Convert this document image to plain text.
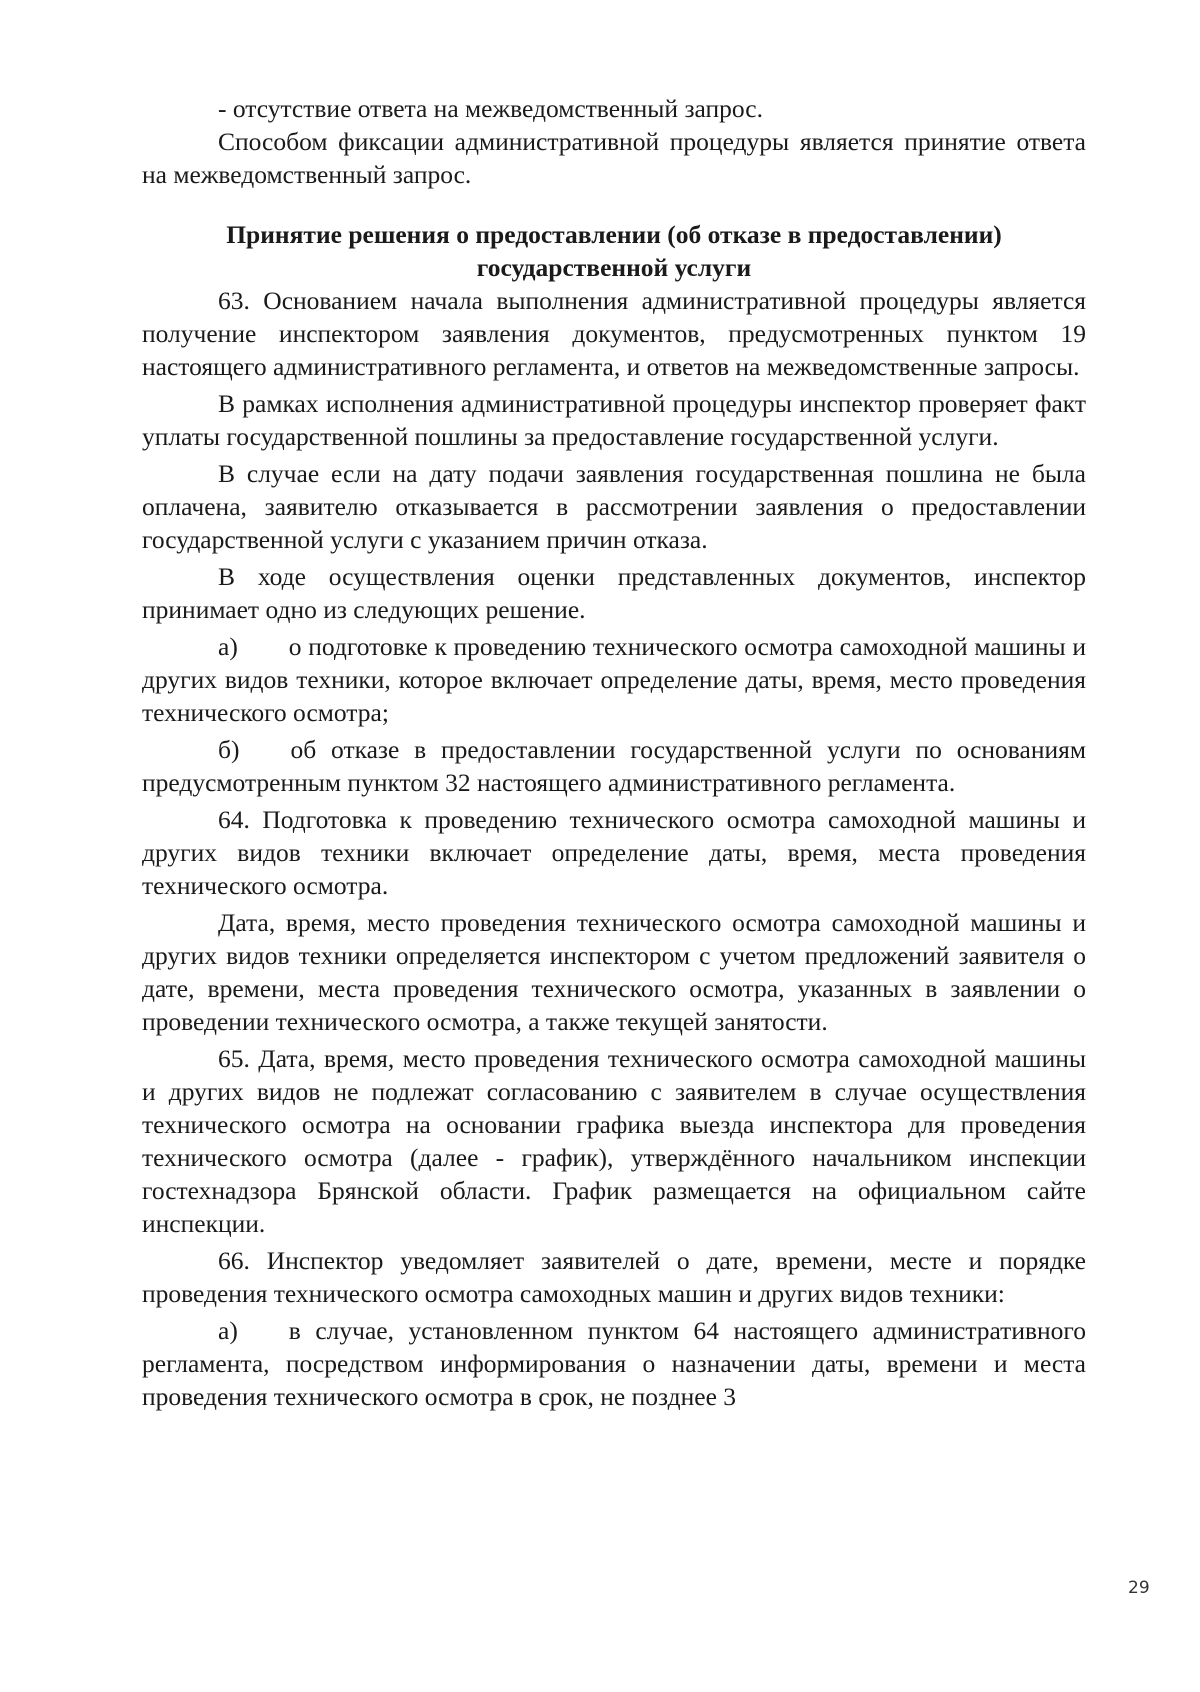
- отсутствие ответа на межведомственный запрос.

Способом фиксации административной процедуры является принятие ответа на межведомственный запрос.

Принятие решения о предоставлении (об отказе в предоставлении)
государственной услуги

63. Основанием начала выполнения административной процедуры является получение инспектором заявления документов, предусмотренных пунктом 19 настоящего административного регламента, и ответов на межведомственные запросы.

В рамках исполнения административной процедуры инспектор проверяет факт уплаты государственной пошлины за предоставление государственной услуги.

В случае если на дату подачи заявления государственная пошлина не была оплачена, заявителю отказывается в рассмотрении заявления о предоставлении государственной услуги с указанием причин отказа.

В ходе осуществления оценки представленных документов, инспектор принимает одно из следующих решение.

а)  о подготовке к проведению технического осмотра самоходной машины и других видов техники, которое включает определение даты, время, место проведения технического осмотра;

б)  об отказе в предоставлении государственной услуги по основаниям предусмотренным пунктом 32 настоящего административного регламента.

64. Подготовка к проведению технического осмотра самоходной машины и других видов техники включает определение даты, время, места проведения технического осмотра.

Дата, время, место проведения технического осмотра самоходной машины и других видов техники определяется инспектором с учетом предложений заявителя о дате, времени, места проведения технического осмотра, указанных в заявлении о проведении технического осмотра, а также текущей занятости.

65. Дата, время, место проведения технического осмотра самоходной машины и других видов не подлежат согласованию с заявителем в случае осуществления технического осмотра на основании графика выезда инспектора для проведения технического осмотра (далее - график), утверждённого начальником инспекции гостехнадзора Брянской области. График размещается на официальном сайте инспекции.

66. Инспектор уведомляет заявителей о дате, времени, месте и порядке проведения технического осмотра самоходных машин и других видов техники:

а)  в случае, установленном пунктом 64 настоящего административного регламента, посредством информирования о назначении даты, времени и места проведения технического осмотра в срок, не позднее 3

29
